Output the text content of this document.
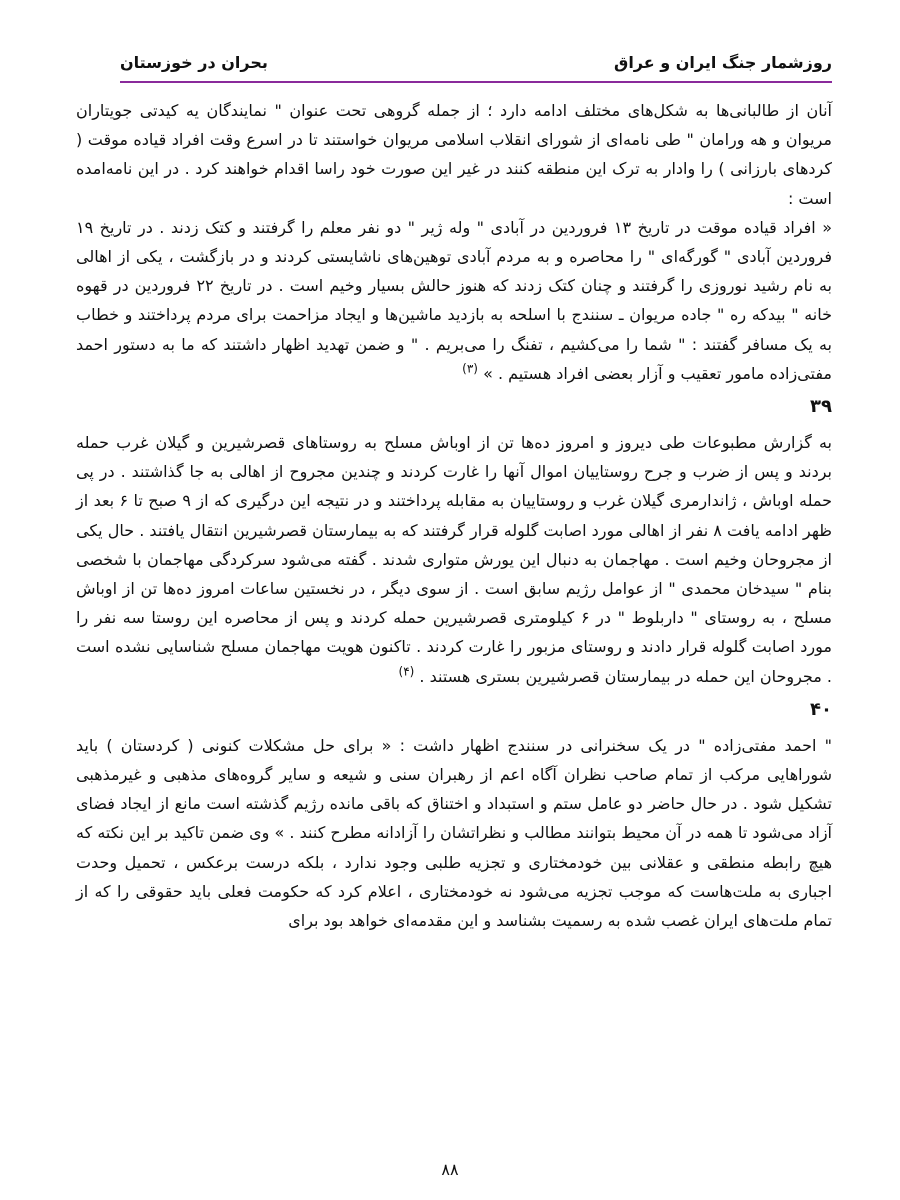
روزشمار جنگ ایران و عراق
بحران در خوزستان

آنان از طالبانی‌ها به شکل‌های مختلف ادامه دارد ؛ از جمله گروهی تحت عنوان " نمایندگان یه کیدتی جویتاران مریوان و هه ورامان " طی نامه‌ای از شورای انقلاب اسلامی مریوان خواستند تا در اسرع وقت افراد قیاده موقت ( کردهای بارزانی ) را وادار به ترک این منطقه کنند در غیر این صورت خود راسا اقدام خواهند کرد . در این نامه‌امده است :

« افراد قیاده موقت در تاریخ ۱۳ فروردین در آبادی " وله ژیر " دو نفر معلم را گرفتند و کتک زدند . در تاریخ ۱۹ فروردین آبادی " گورگه‌ای " را محاصره و به مردم آبادی توهین‌های ناشایستی کردند و در بازگشت ، یکی از اهالی به نام رشید نوروزی را گرفتند و چنان کتک زدند که هنوز حالش بسیار وخیم است . در تاریخ ۲۲ فروردین در قهوه خانه " بیدکه ره " جاده مریوان ـ سنندج با اسلحه به بازدید ماشین‌ها و ایجاد مزاحمت برای مردم پرداختند و خطاب به یک مسافر گفتند : " شما را می‌کشیم ، تفنگ را می‌بریم . " و ضمن تهدید اظهار داشتند که ما به دستور احمد مفتی‌زاده مامور تعقیب و آزار بعضی افراد هستیم . » $^{(۳)}$

۳۹

به گزارش مطبوعات طی دیروز و امروز ده‌ها تن از اوباش مسلح به روستاهای قصرشیرین و گیلان غرب حمله بردند و پس از ضرب و جرح روستاییان اموال آنها را غارت کردند و چندین مجروح از اهالی به جا گذاشتند . در پی حمله اوباش ، ژاندارمری گیلان غرب و روستاییان به مقابله پرداختند و در نتیجه این درگیری که از ۹ صبح تا ۶ بعد از ظهر ادامه یافت ۸ نفر از اهالی مورد اصابت گلوله قرار گرفتند که به بیمارستان قصرشیرین انتقال یافتند . حال یکی از مجروحان وخیم است . مهاجمان به دنبال این یورش متواری شدند . گفته می‌شود سرکردگی مهاجمان با شخصی بنام " سیدخان محمدی " از عوامل رژیم سابق است . از سوی دیگر ، در نخستین ساعات امروز ده‌ها تن از اوباش مسلح ، به روستای " داربلوط " در ۶ کیلومتری قصرشیرین حمله کردند و پس از محاصره این روستا سه نفر را مورد اصابت گلوله قرار دادند و روستای مزبور را غارت کردند . تاکنون هویت مهاجمان مسلح شناسایی نشده است . مجروحان این حمله در بیمارستان قصرشیرین بستری هستند . $^{(۴)}$

۴۰

" احمد مفتی‌زاده " در یک سخنرانی در سنندج اظهار داشت : « برای حل مشکلات کنونی ( کردستان ) باید شوراهایی مرکب از تمام صاحب نظران آگاه اعم از رهبران سنی و شیعه و سایر گروه‌های مذهبی و غیرمذهبی تشکیل شود . در حال حاضر دو عامل ستم و استبداد و اختناق که باقی مانده رژیم گذشته است مانع از ایجاد فضای آزاد می‌شود تا همه در آن محیط بتوانند مطالب و نظراتشان را آزادانه مطرح کنند . » وی ضمن تاکید بر این نکته که هیچ رابطه منطقی و عقلانی بین خودمختاری و تجزیه طلبی وجود ندارد ، بلکه درست برعکس ، تحمیل وحدت اجباری به ملت‌هاست که موجب تجزیه می‌شود نه خودمختاری ، اعلام کرد که حکومت فعلی باید حقوقی را که از تمام ملت‌های ایران غصب شده به رسمیت بشناسد و این مقدمه‌ای خواهد بود برای

۸۸
